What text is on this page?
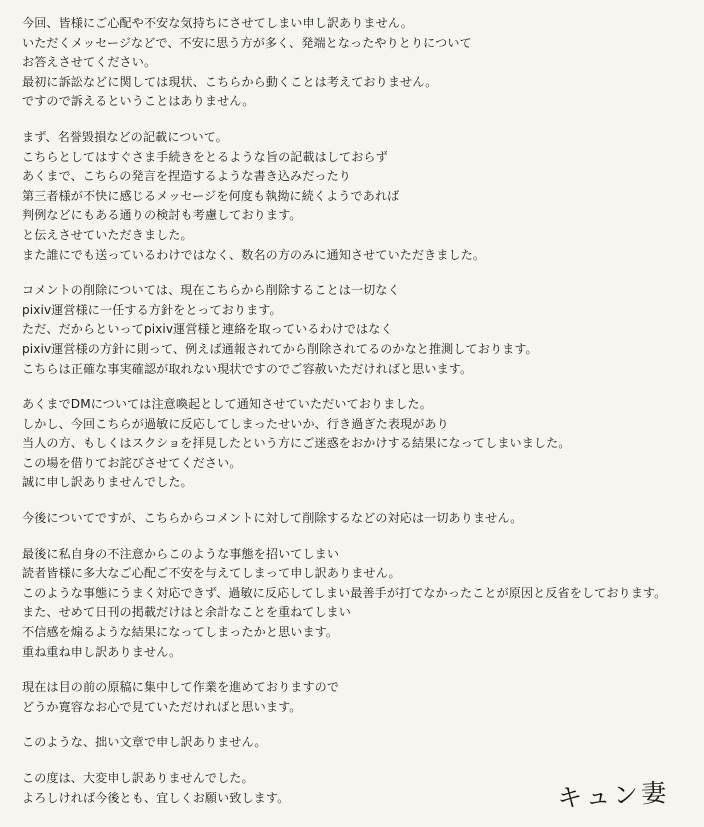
今回、皆様にご心配や不安な気持ちにさせてしまい申し訳ありません。
いただくメッセージなどで、不安に思う方が多く、発端となったやりとりについて
お答えさせてください。
最初に訴訟などに関しては現状、こちらから動くことは考えておりません。
ですので訴えるということはありません。
まず、名誉毀損などの記載について。
こちらとしてはすぐさま手続きをとるような旨の記載はしておらず
あくまで、こちらの発言を捏造するような書き込みだったり
第三者様が不快に感じるメッセージを何度も執拗に続くようであれば
判例などにもある通りの検討も考慮しております。
と伝えさせていただきました。
また誰にでも送っているわけではなく、数名の方のみに通知させていただきました。
コメントの削除については、現在こちらから削除することは一切なく
pixiv運営様に一任する方針をとっております。
ただ、だからといってpixiv運営様と連絡を取っているわけではなく
pixiv運営様の方針に則って、例えば通報されてから削除されてるのかなと推測しております。
こちらは正確な事実確認が取れない現状ですのでご容赦いただければと思います。
あくまでDMについては注意喚起として通知させていただいておりました。
しかし、今回こちらが過敏に反応してしまったせいか、行き過ぎた表現があり
当人の方、もしくはスクショを拝見したという方にご迷惑をおかけする結果になってしまいました。
この場を借りてお詫びさせてください。
誠に申し訳ありませんでした。
今後についてですが、こちらからコメントに対して削除するなどの対応は一切ありません。
最後に私自身の不注意からこのような事態を招いてしまい
読者皆様に多大なご心配ご不安を与えてしまって申し訳ありません。
このような事態にうまく対応できず、過敏に反応してしまい最善手が打てなかったことが原因と反省をしております。
また、せめて日刊の掲載だけはと余計なことを重ねてしまい
不信感を煽るような結果になってしまったかと思います。
重ね重ね申し訳ありません。
現在は目の前の原稿に集中して作業を進めておりますので
どうか寛容なお心で見ていただければと思います。
このような、拙い文章で申し訳ありません。
この度は、大変申し訳ありませんでした。
よろしければ今後とも、宜しくお願い致します。	キュン妻
